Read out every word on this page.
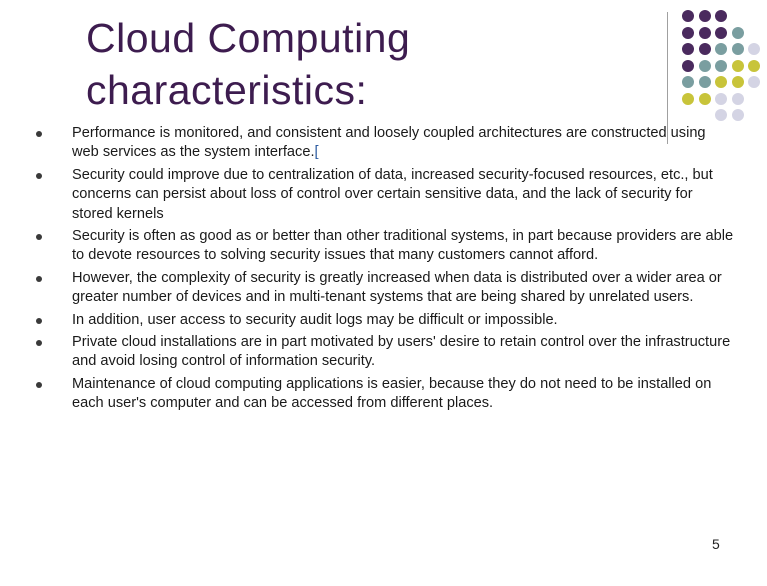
Cloud Computing
characteristics:
Performance is monitored, and consistent and loosely coupled architectures are constructed using web services as the system interface.[
Security could improve due to centralization of data, increased security-focused resources, etc., but concerns can persist about loss of control over certain sensitive data, and the lack of security for stored kernels
Security is often as good as or better than other traditional systems, in part because providers are able to devote resources to solving security issues that many customers cannot afford.
However, the complexity of security is greatly increased when data is distributed over a wider area or greater number of devices and in multi-tenant systems that are being shared by unrelated users.
In addition, user access to security audit logs may be difficult or impossible.
Private cloud installations are in part motivated by users' desire to retain control over the infrastructure and avoid losing control of information security.
Maintenance of cloud computing applications is easier, because they do not need to be installed on each user's computer and can be accessed from different places.
5
